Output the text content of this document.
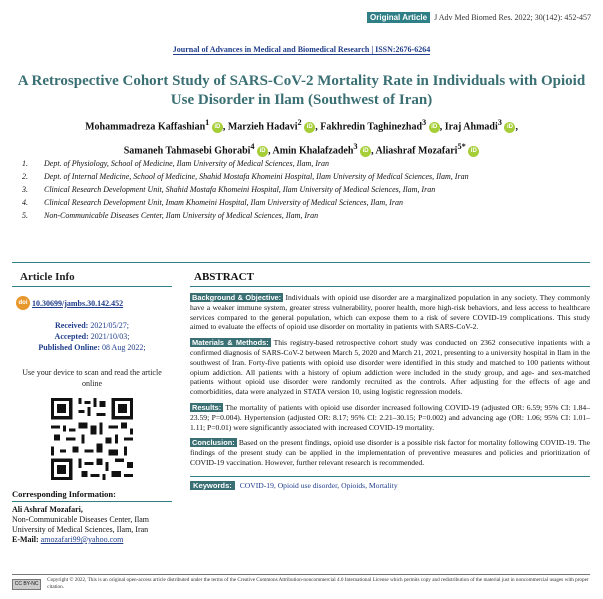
Original Article J Adv Med Biomed Res. 2022; 30(142): 452-457
Journal of Advances in Medical and Biomedical Research | ISSN:2676-6264
A Retrospective Cohort Study of SARS-CoV-2 Mortality Rate in Individuals with Opioid Use Disorder in Ilam (Southwest of Iran)
Mohammadreza Kaffashian$^1$ iD , Marzieh Hadavi$^2$ iD , Fakhredin Taghinezhad$^3$ iD , Iraj Ahmadi$^3$ iD ,
Samaneh Tahmasebi Ghorabi$^4$ iD , Amin Khalafzadeh$^3$ iD , Aliashraf Mozafari$^{5*}$ iD
1.	Dept. of Physiology, School of Medicine, Ilam University of Medical Sciences, Ilam, Iran
2.	Dept. of Internal Medicine, School of Medicine, Shahid Mostafa Khomeini Hospital, Ilam University of Medical Sciences, Ilam, Iran
3.	Clinical Research Development Unit, Shahid Mostafa Khomeini Hospital, Ilam University of Medical Sciences, Ilam, Iran
4.	Clinical Research Development Unit, Imam Khomeini Hospital, Ilam University of Medical Sciences, Ilam, Iran
5.	Non-Communicable Diseases Center, Ilam University of Medical Sciences, Ilam, Iran
Article Info
doi 10.30699/jambs.30.142.452
Received: 2021/05/27;
Accepted: 2021/10/03;
Published Online: 08 Aug 2022;
Use your device to scan and read the article online
Corresponding Information:
Ali Ashraf Mozafari,
Non-Communicable Diseases Center, Ilam University of Medical Sciences, Ilam, Iran
E-Mail: amozafari99@yahoo.com
ABSTRACT
Background & Objective: Individuals with opioid use disorder are a marginalized population in any society. They commonly have a weaker immune system, greater stress vulnerability, poorer health, more high-risk behaviors, and less access to healthcare services compared to the general population, which can expose them to a risk of severe COVID-19 complications. This study aimed to evaluate the effects of opioid use disorder on mortality in patients with SARS-CoV-2.
Materials & Methods: This registry-based retrospective cohort study was conducted on 2362 consecutive inpatients with a confirmed diagnosis of SARS-CoV-2 between March 5, 2020 and March 21, 2021, presenting to a university hospital in Ilam in the southwest of Iran. Forty-five patients with opioid use disorder were identified in this study and matched to 100 patients without opium addiction. All patients with a history of opium addiction were included in the study group, and age- and sex-matched patients without opioid use disorder were randomly recruited as the controls. After adjusting for the effects of age and comorbidities, data were analyzed in STATA version 10, using logistic regression models.
Results: The mortality of patients with opioid use disorder increased following COVID-19 (adjusted OR: 6.59; 95% CI: 1.84–23.59; P=0.004). Hypertension (adjusted OR: 8.17; 95% CI: 2.21–30.15; P=0.002) and advancing age (OR: 1.06; 95% CI: 1.01–1.11; P=0.01) were significantly associated with increased COVID-19 mortality.
Conclusion: Based on the present findings, opioid use disorder is a possible risk factor for mortality following COVID-19. The findings of the present study can be applied in the implementation of preventive measures and policies and prioritization of COVID-19 vaccination. However, further relevant research is recommended.
Keywords: COVID-19, Opioid use disorder, Opioids, Mortality
CC BY-NC
Copyright © 2022, This is an original open-access article distributed under the terms of the Creative Commons Attribution-noncommercial 4.0 International License which permits copy and redistribution of the material just in noncommercial usages with proper citation.
